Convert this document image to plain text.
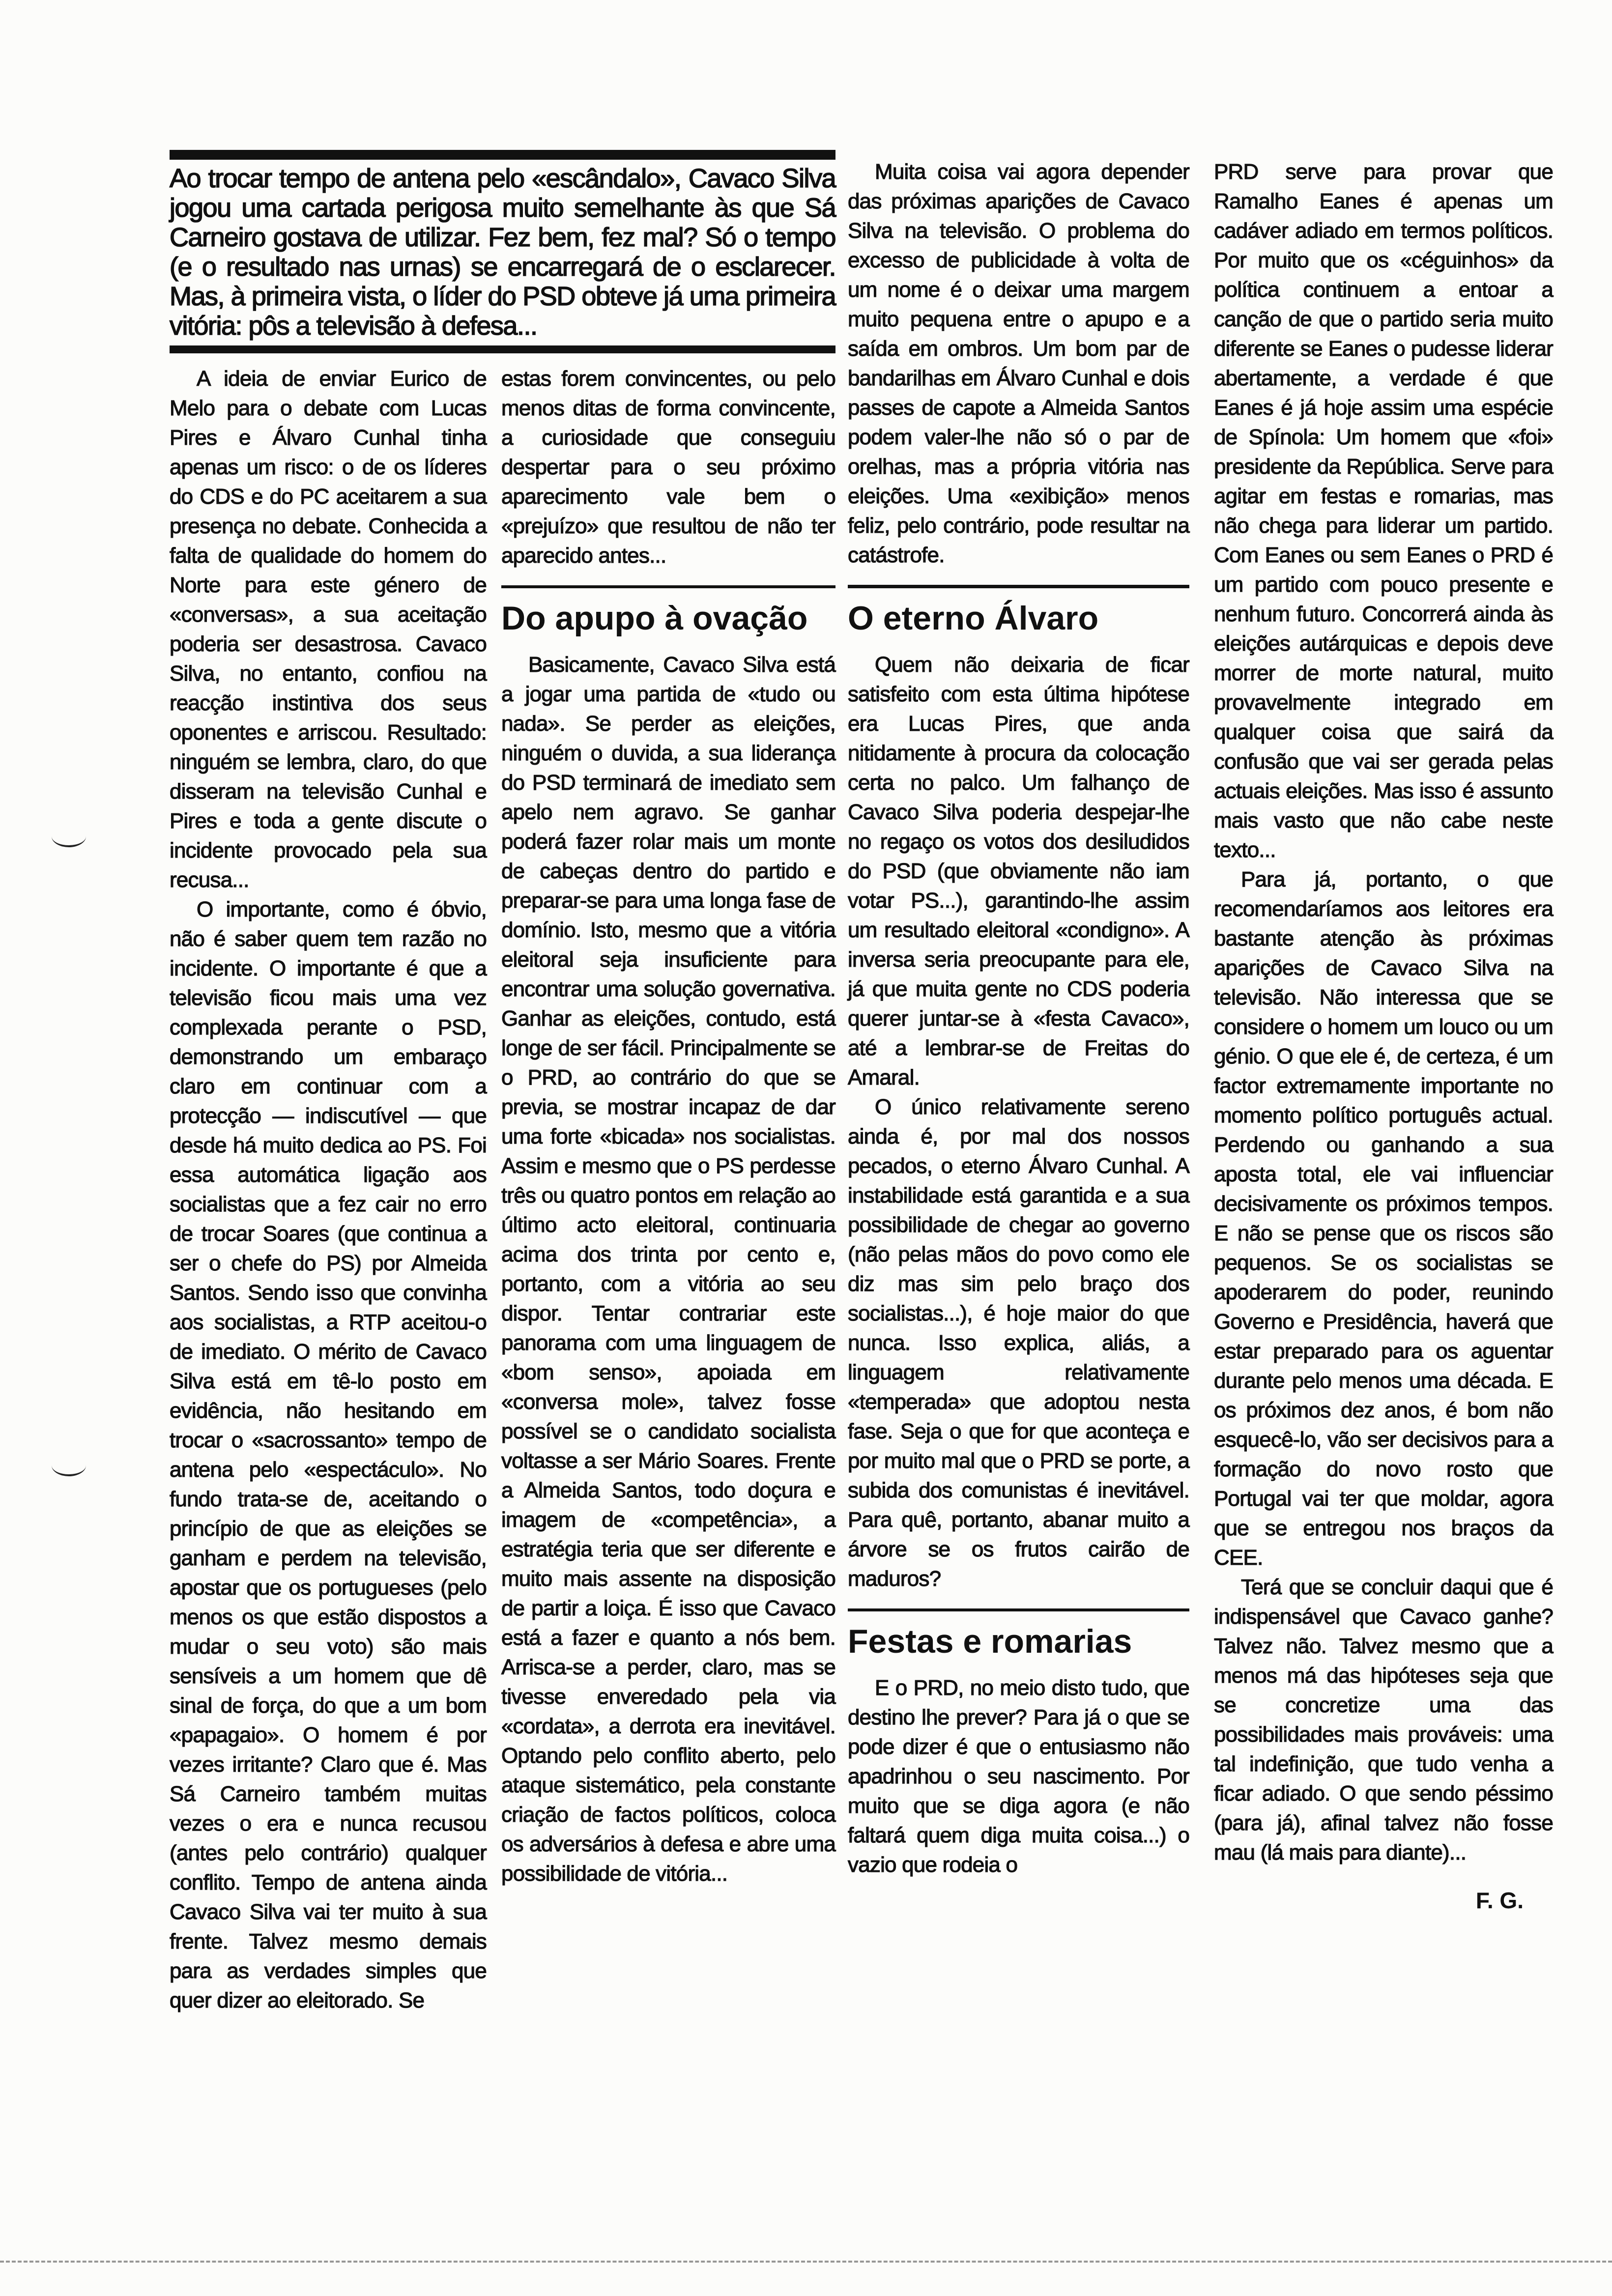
Ao trocar tempo de antena pelo «escândalo», Cavaco Silva jogou uma cartada perigosa muito semelhante às que Sá Carneiro gostava de utilizar. Fez bem, fez mal? Só o tempo (e o resultado nas urnas) se encarregará de o esclarecer. Mas, à primeira vista, o líder do PSD obteve já uma primeira vitória: pôs a televisão à defesa...

A ideia de enviar Eurico de Melo para o debate com Lucas Pires e Álvaro Cunhal tinha apenas um risco: o de os líderes do CDS e do PC aceitarem a sua presença no debate. Conhecida a falta de qualidade do homem do Norte para este género de «conversas», a sua aceitação poderia ser desastrosa. Cavaco Silva, no entanto, confiou na reacção instintiva dos seus oponentes e arriscou. Resultado: ninguém se lembra, claro, do que disseram na televisão Cunhal e Pires e toda a gente discute o incidente provocado pela sua recusa...

O importante, como é óbvio, não é saber quem tem razão no incidente. O importante é que a televisão ficou mais uma vez complexada perante o PSD, demonstrando um embaraço claro em continuar com a protecção — indiscutível — que desde há muito dedica ao PS. Foi essa automática ligação aos socialistas que a fez cair no erro de trocar Soares (que continua a ser o chefe do PS) por Almeida Santos. Sendo isso que convinha aos socialistas, a RTP aceitou-o de imediato. O mérito de Cavaco Silva está em tê-lo posto em evidência, não hesitando em trocar o «sacrossanto» tempo de antena pelo «espectáculo». No fundo trata-se de, aceitando o princípio de que as eleições se ganham e perdem na televisão, apostar que os portugueses (pelo menos os que estão dispostos a mudar o seu voto) são mais sensíveis a um homem que dê sinal de força, do que a um bom «papagaio». O homem é por vezes irritante? Claro que é. Mas Sá Carneiro também muitas vezes o era e nunca recusou (antes pelo contrário) qualquer conflito. Tempo de antena ainda Cavaco Silva vai ter muito à sua frente. Talvez mesmo demais para as verdades simples que quer dizer ao eleitorado. Se

estas forem convincentes, ou pelo menos ditas de forma convincente, a curiosidade que conseguiu despertar para o seu próximo aparecimento vale bem o «prejuízo» que resultou de não ter aparecido antes...

Do apupo à ovação

Basicamente, Cavaco Silva está a jogar uma partida de «tudo ou nada». Se perder as eleições, ninguém o duvida, a sua liderança do PSD terminará de imediato sem apelo nem agravo. Se ganhar poderá fazer rolar mais um monte de cabeças dentro do partido e preparar-se para uma longa fase de domínio. Isto, mesmo que a vitória eleitoral seja insuficiente para encontrar uma solução governativa. Ganhar as eleições, contudo, está longe de ser fácil. Principalmente se o PRD, ao contrário do que se previa, se mostrar incapaz de dar uma forte «bicada» nos socialistas. Assim e mesmo que o PS perdesse três ou quatro pontos em relação ao último acto eleitoral, continuaria acima dos trinta por cento e, portanto, com a vitória ao seu dispor. Tentar contrariar este panorama com uma linguagem de «bom senso», apoiada em «conversa mole», talvez fosse possível se o candidato socialista voltasse a ser Mário Soares. Frente a Almeida Santos, todo doçura e imagem de «competência», a estratégia teria que ser diferente e muito mais assente na disposição de partir a loiça. É isso que Cavaco está a fazer e quanto a nós bem. Arrisca-se a perder, claro, mas se tivesse enveredado pela via «cordata», a derrota era inevitável. Optando pelo conflito aberto, pelo ataque sistemático, pela constante criação de factos políticos, coloca os adversários à defesa e abre uma possibilidade de vitória...

Muita coisa vai agora depender das próximas aparições de Cavaco Silva na televisão. O problema do excesso de publicidade à volta de um nome é o deixar uma margem muito pequena entre o apupo e a saída em ombros. Um bom par de bandarilhas em Álvaro Cunhal e dois passes de capote a Almeida Santos podem valer-lhe não só o par de orelhas, mas a própria vitória nas eleições. Uma «exibição» menos feliz, pelo contrário, pode resultar na catástrofe.

O eterno Álvaro

Quem não deixaria de ficar satisfeito com esta última hipótese era Lucas Pires, que anda nitidamente à procura da colocação certa no palco. Um falhanço de Cavaco Silva poderia despejar-lhe no regaço os votos dos desiludidos do PSD (que obviamente não iam votar PS...), garantindo-lhe assim um resultado eleitoral «condigno». A inversa seria preocupante para ele, já que muita gente no CDS poderia querer juntar-se à «festa Cavaco», até a lembrar-se de Freitas do Amaral.

O único relativamente sereno ainda é, por mal dos nossos pecados, o eterno Álvaro Cunhal. A instabilidade está garantida e a sua possibilidade de chegar ao governo (não pelas mãos do povo como ele diz mas sim pelo braço dos socialistas...), é hoje maior do que nunca. Isso explica, aliás, a linguagem relativamente «temperada» que adoptou nesta fase. Seja o que for que aconteça e por muito mal que o PRD se porte, a subida dos comunistas é inevitável. Para quê, portanto, abanar muito a árvore se os frutos cairão de maduros?

Festas e romarias

E o PRD, no meio disto tudo, que destino lhe prever? Para já o que se pode dizer é que o entusiasmo não apadrinhou o seu nascimento. Por muito que se diga agora (e não faltará quem diga muita coisa...) o vazio que rodeia o

PRD serve para provar que Ramalho Eanes é apenas um cadáver adiado em termos políticos. Por muito que os «céguinhos» da política continuem a entoar a canção de que o partido seria muito diferente se Eanes o pudesse liderar abertamente, a verdade é que Eanes é já hoje assim uma espécie de Spínola: Um homem que «foi» presidente da República. Serve para agitar em festas e romarias, mas não chega para liderar um partido. Com Eanes ou sem Eanes o PRD é um partido com pouco presente e nenhum futuro. Concorrerá ainda às eleições autárquicas e depois deve morrer de morte natural, muito provavelmente integrado em qualquer coisa que sairá da confusão que vai ser gerada pelas actuais eleições. Mas isso é assunto mais vasto que não cabe neste texto...

Para já, portanto, o que recomendaríamos aos leitores era bastante atenção às próximas aparições de Cavaco Silva na televisão. Não interessa que se considere o homem um louco ou um génio. O que ele é, de certeza, é um factor extremamente importante no momento político português actual. Perdendo ou ganhando a sua aposta total, ele vai influenciar decisivamente os próximos tempos. E não se pense que os riscos são pequenos. Se os socialistas se apoderarem do poder, reunindo Governo e Presidência, haverá que estar preparado para os aguentar durante pelo menos uma década. E os próximos dez anos, é bom não esquecê-lo, vão ser decisivos para a formação do novo rosto que Portugal vai ter que moldar, agora que se entregou nos braços da CEE.

Terá que se concluir daqui que é indispensável que Cavaco ganhe? Talvez não. Talvez mesmo que a menos má das hipóteses seja que se concretize uma das possibilidades mais prováveis: uma tal indefinição, que tudo venha a ficar adiado. O que sendo péssimo (para já), afinal talvez não fosse mau (lá mais para diante)...

F. G.
